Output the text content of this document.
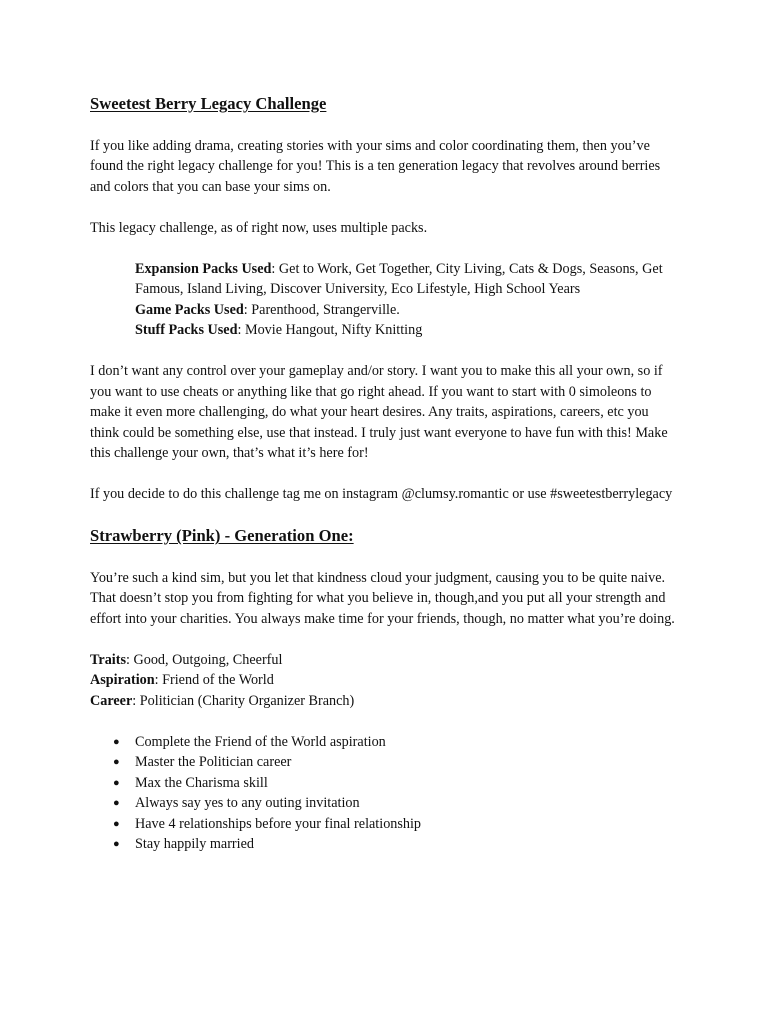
Sweetest Berry Legacy Challenge

If you like adding drama, creating stories with your sims and color coordinating them, then you’ve found the right legacy challenge for you! This is a ten generation legacy that revolves around berries and colors that you can base your sims on.

This legacy challenge, as of right now, uses multiple packs.

Expansion Packs Used: Get to Work, Get Together, City Living, Cats & Dogs, Seasons, Get Famous, Island Living, Discover University, Eco Lifestyle, High School Years

Game Packs Used: Parenthood, Strangerville.

Stuff Packs Used: Movie Hangout, Nifty Knitting

I don’t want any control over your gameplay and/or story. I want you to make this all your own, so if you want to use cheats or anything like that go right ahead. If you want to start with 0 simoleons to make it even more challenging, do what your heart desires. Any traits, aspirations, careers, etc you think could be something else, use that instead. I truly just want everyone to have fun with this! Make this challenge your own, that’s what it’s here for!

If you decide to do this challenge tag me on instagram @clumsy.romantic or use #sweetestberrylegacy

Strawberry (Pink) - Generation One:

You’re such a kind sim, but you let that kindness cloud your judgment, causing you to be quite naive. That doesn’t stop you from fighting for what you believe in, though,and you put all your strength and effort into your charities. You always make time for your friends, though, no matter what you’re doing.

Traits: Good, Outgoing, Cheerful

Aspiration: Friend of the World

Career: Politician (Charity Organizer Branch)

● Complete the Friend of the World aspiration
● Master the Politician career
● Max the Charisma skill
● Always say yes to any outing invitation
● Have 4 relationships before your final relationship
● Stay happily married
